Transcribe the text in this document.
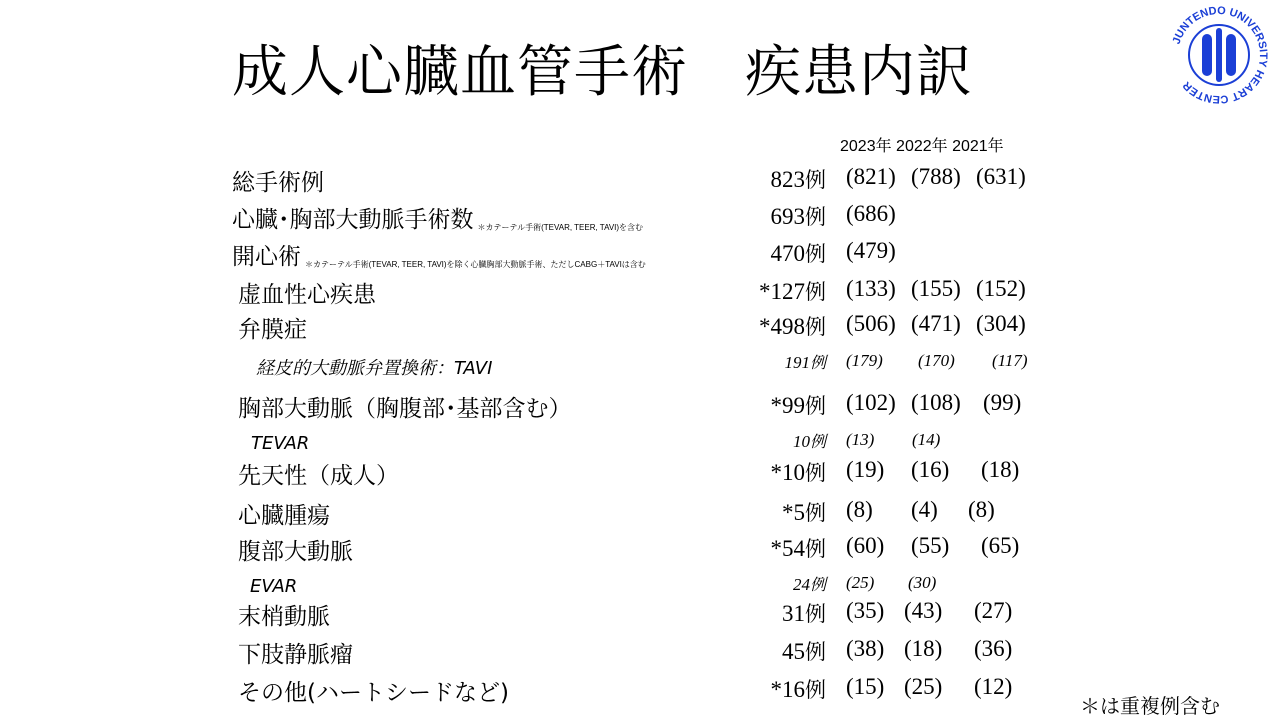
成人心臓血管手術　疾患内訳	JUNTENDO UNIVERSITY HEART CENTER
2023年 2022年 2021年
総手術例	823例 (821) (788) (631)
心臓･胸部大動脈手術数 ＊カテーテル手術(TEVAR, TEER, TAVI)を含む	693例 (686)
開心術 ＊カテーテル手術(TEVAR, TEER, TAVI)を除く心臓胸部大動脈手術、ただしCABG＋TAVIは含む	470例 (479)
虚血性心疾患	*127例 (133) (155) (152)
弁膜症	*498例 (506) (471) (304)
経皮的大動脈弁置換術：TAVI	191例 (179) (170) (117)
胸部大動脈（胸腹部･基部含む）	*99例 (102) (108) (99)
TEVAR	10例 (13) (14)
先天性（成人）	*10例 (19) (16) (18)
心臓腫瘍	*5例 (8) (4) (8)
腹部大動脈	*54例 (60) (55) (65)
EVAR	24例 (25) (30)
末梢動脈	31例 (35) (43) (27)
下肢静脈瘤	45例 (38) (18) (36)
その他(ハートシードなど)	*16例 (15) (25) (12)
＊は重複例含む
